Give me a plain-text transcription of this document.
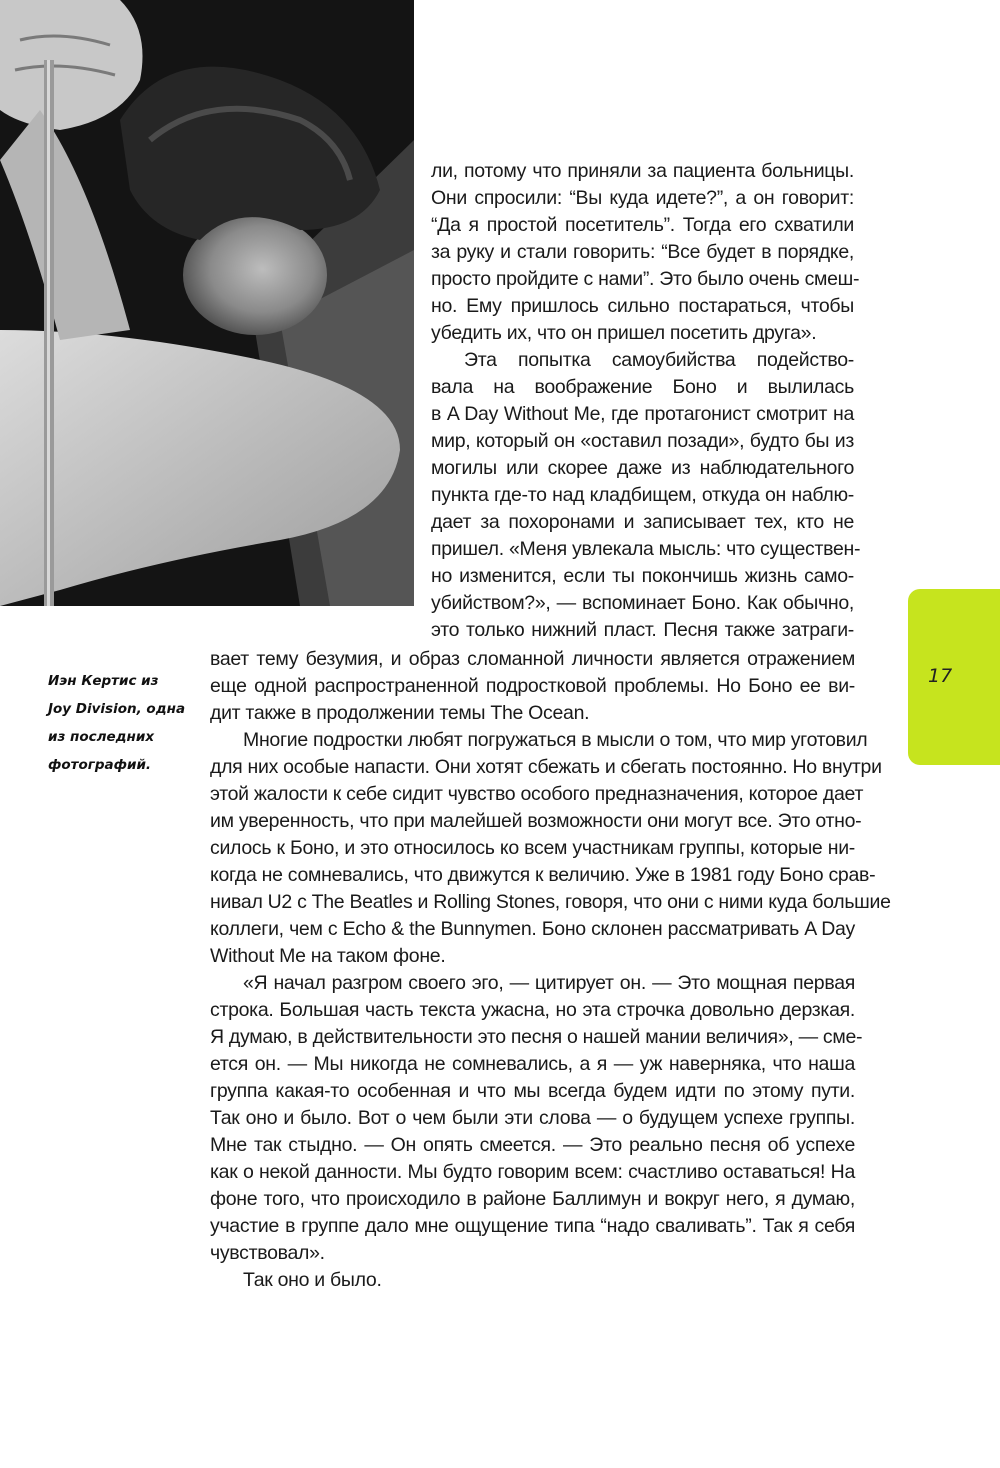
Иэн Кертис из
Joy Division, одна
из последних
фотографий.
ли, потому что приняли за пациента больницы.
Они спросили: “Вы куда идете?”, а он говорит:
“Да я простой посетитель”. Тогда его схватили
за руку и стали говорить: “Все будет в порядке,
просто пройдите с нами”. Это было очень смеш-
но. Ему пришлось сильно постараться, чтобы
убедить их, что он пришел посетить друга».
Эта попытка самоубийства подейство-
вала на воображение Боно и вылилась
в A Day Without Me, где протагонист смотрит на
мир, который он «оставил позади», будто бы из
могилы или скорее даже из наблюдательного
пункта где-то над кладбищем, откуда он наблю-
дает за похоронами и записывает тех, кто не
пришел. «Меня увлекала мысль: что существен-
но изменится, если ты покончишь жизнь само-
убийством?», — вспоминает Боно. Как обычно,
это только нижний пласт. Песня также затраги-
вает тему безумия, и образ сломанной личности является отражением
еще одной распространенной подростковой проблемы. Но Боно ее ви-
дит также в продолжении темы The Ocean.
Многие подростки любят погружаться в мысли о том, что мир уготовил
для них особые напасти. Они хотят сбежать и сбегать постоянно. Но внутри
этой жалости к себе сидит чувство особого предназначения, которое дает
им уверенность, что при малейшей возможности они могут все. Это отно-
силось к Боно, и это относилось ко всем участникам группы, которые ни-
когда не сомневались, что движутся к величию. Уже в 1981 году Боно срав-
нивал U2 с The Beatles и Rolling Stones, говоря, что они с ними куда большие
коллеги, чем с Echo & the Bunnymen. Боно склонен рассматривать A Day
Without Me на таком фоне.
«Я начал разгром своего эго, — цитирует он. — Это мощная первая
строка. Большая часть текста ужасна, но эта строчка довольно дерзкая.
Я думаю, в действительности это песня о нашей мании величия», — сме-
ется он. — Мы никогда не сомневались, а я — уж наверняка, что наша
группа какая-то особенная и что мы всегда будем идти по этому пути.
Так оно и было. Вот о чем были эти слова — о будущем успехе группы.
Мне так стыдно. — Он опять смеется. — Это реально песня об успехе
как о некой данности. Мы будто говорим всем: счастливо оставаться! На
фоне того, что происходило в районе Баллимун и вокруг него, я думаю,
участие в группе дало мне ощущение типа “надо сваливать”. Так я себя
чувствовал».
Так оно и было.
17
